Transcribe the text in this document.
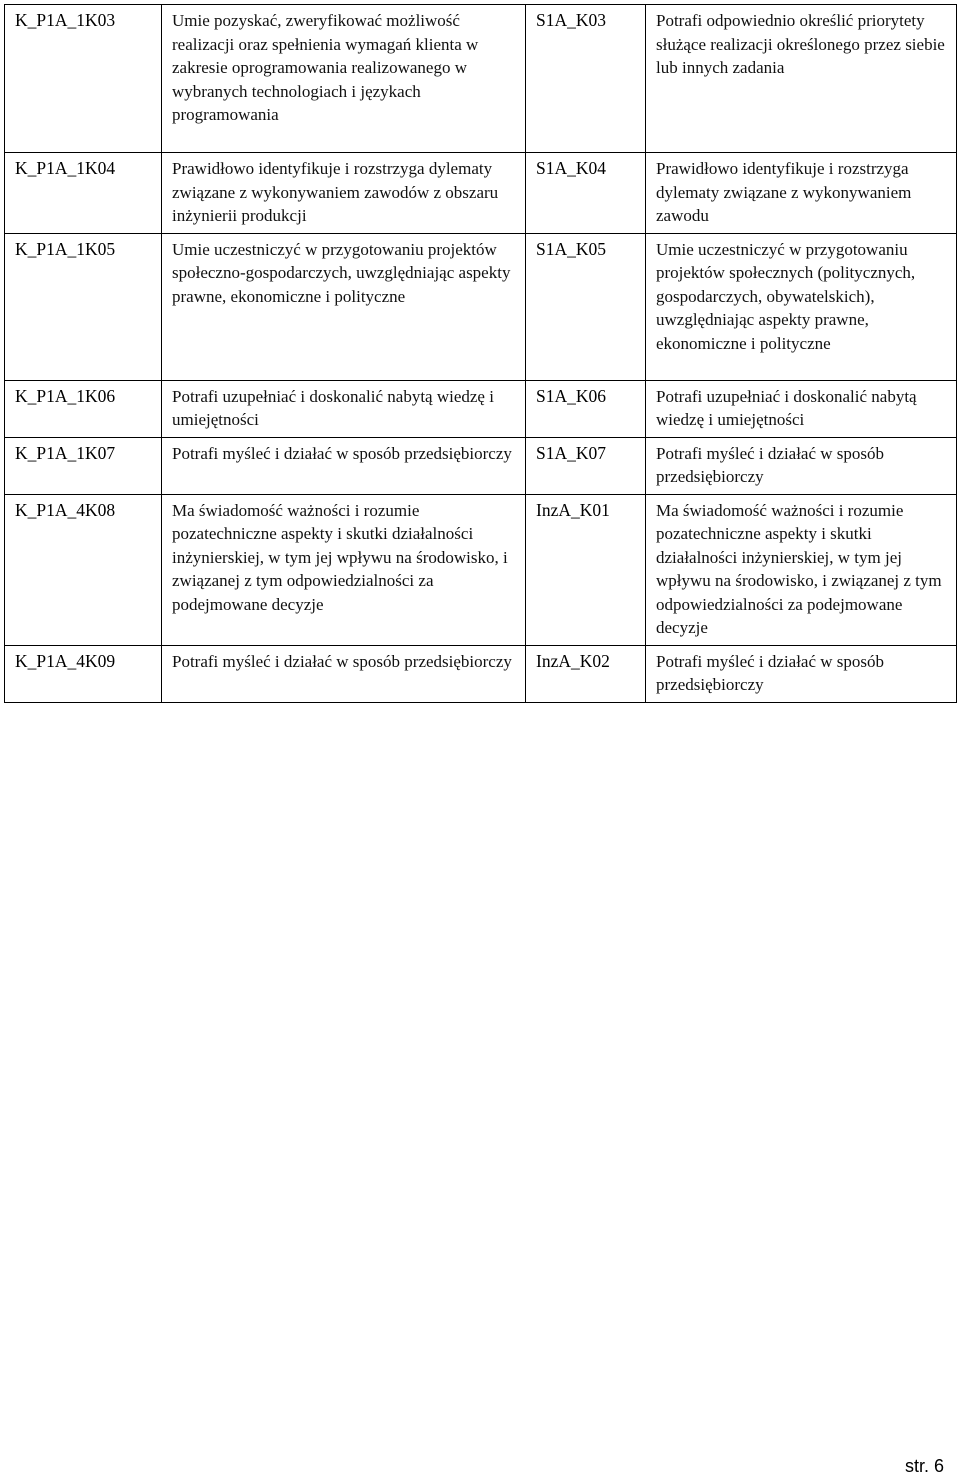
K_P1A_1K03	Umie pozyskać, zweryfikować możliwość realizacji oraz spełnienia wymagań klienta w zakresie oprogramowania realizowanego w wybranych technologiach i językach programowania	S1A_K03	Potrafi odpowiednio określić priorytety służące realizacji określonego przez siebie lub innych zadania
K_P1A_1K04	Prawidłowo identyfikuje i rozstrzyga dylematy związane z wykonywaniem zawodów z obszaru inżynierii produkcji	S1A_K04	Prawidłowo identyfikuje i rozstrzyga dylematy związane z wykonywaniem zawodu
K_P1A_1K05	Umie uczestniczyć w przygotowaniu projektów społeczno-gospodarczych, uwzględniając aspekty prawne, ekonomiczne i polityczne	S1A_K05	Umie uczestniczyć w przygotowaniu projektów społecznych (politycznych, gospodarczych, obywatelskich), uwzględniając aspekty prawne, ekonomiczne i polityczne
K_P1A_1K06	Potrafi uzupełniać i doskonalić nabytą wiedzę i umiejętności	S1A_K06	Potrafi uzupełniać i doskonalić nabytą wiedzę i umiejętności
K_P1A_1K07	Potrafi myśleć i działać w sposób przedsiębiorczy	S1A_K07	Potrafi myśleć i działać w sposób przedsiębiorczy
K_P1A_4K08	Ma świadomość ważności i rozumie pozatechniczne aspekty i skutki działalności inżynierskiej, w tym jej wpływu na środowisko, i związanej z tym odpowiedzialności za podejmowane decyzje	InzA_K01	Ma świadomość ważności i rozumie pozatechniczne aspekty i skutki działalności inżynierskiej, w tym jej wpływu na środowisko, i związanej z tym odpowiedzialności za podejmowane decyzje
K_P1A_4K09	Potrafi myśleć i działać w sposób przedsiębiorczy	InzA_K02	Potrafi myśleć i działać w sposób przedsiębiorczy
str. 6
